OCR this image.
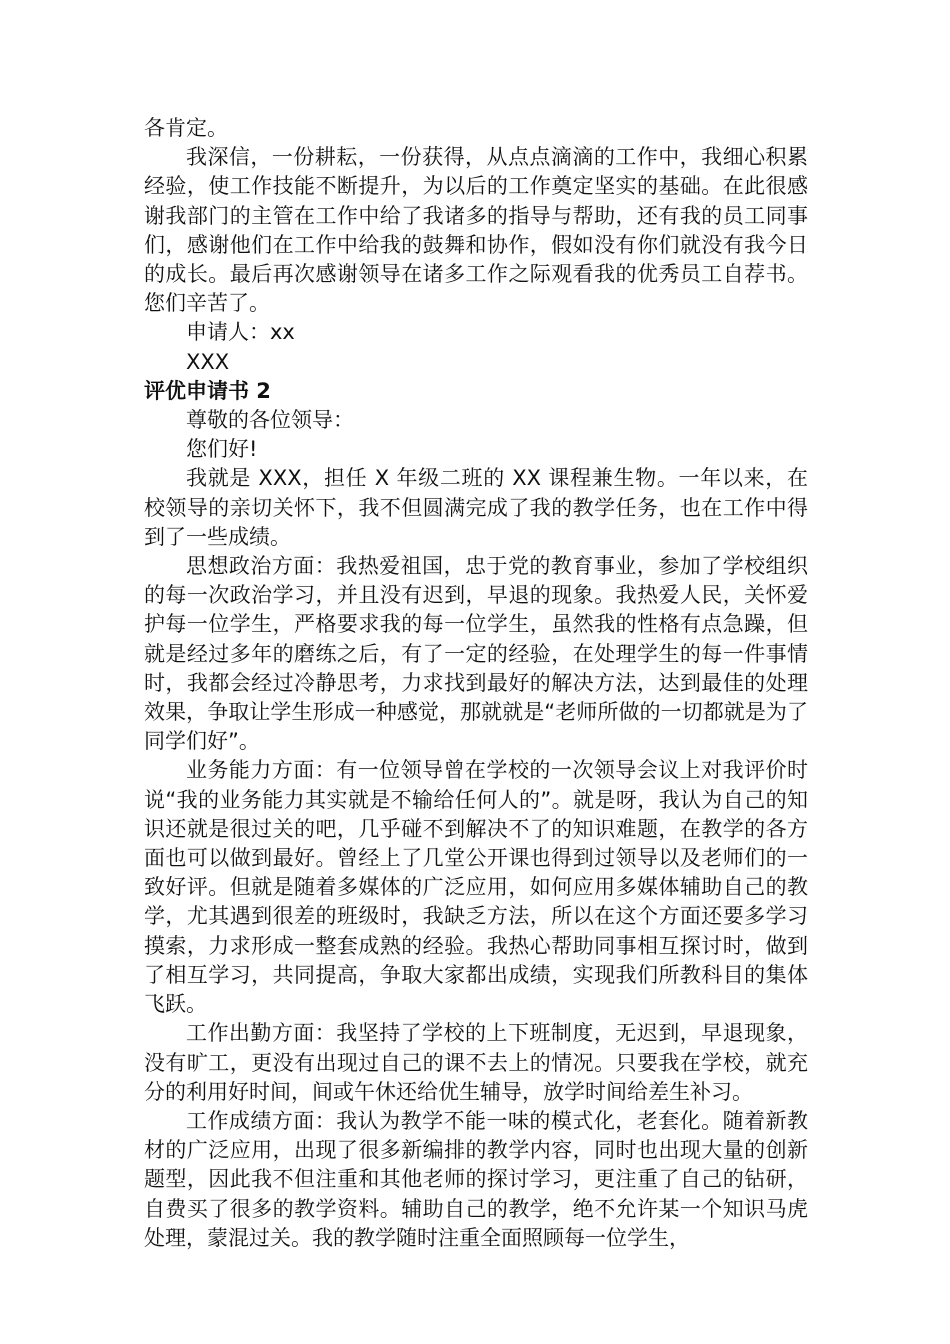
各肯定。

我深信，一份耕耘，一份获得，从点点滴滴的工作中，我细心积累经验，使工作技能不断提升，为以后的工作奠定坚实的基础。在此很感谢我部门的主管在工作中给了我诸多的指导与帮助，还有我的员工同事们，感谢他们在工作中给我的鼓舞和协作，假如没有你们就没有我今日的成长。最后再次感谢领导在诸多工作之际观看我的优秀员工自荐书。您们辛苦了。

申请人：xx

XXX

评优申请书 2

尊敬的各位领导：

您们好!

我就是 XXX，担任 X 年级二班的 XX 课程兼生物。一年以来，在校领导的亲切关怀下，我不但圆满完成了我的教学任务，也在工作中得到了一些成绩。

思想政治方面：我热爱祖国，忠于党的教育事业，参加了学校组织的每一次政治学习，并且没有迟到，早退的现象。我热爱人民，关怀爱护每一位学生，严格要求我的每一位学生，虽然我的性格有点急躁，但就是经过多年的磨练之后，有了一定的经验，在处理学生的每一件事情时，我都会经过冷静思考，力求找到最好的解决方法，达到最佳的处理效果，争取让学生形成一种感觉，那就就是“老师所做的一切都就是为了同学们好”。

业务能力方面：有一位领导曾在学校的一次领导会议上对我评价时说“我的业务能力其实就是不输给任何人的”。就是呀，我认为自己的知识还就是很过关的吧，几乎碰不到解决不了的知识难题，在教学的各方面也可以做到最好。曾经上了几堂公开课也得到过领导以及老师们的一致好评。但就是随着多媒体的广泛应用，如何应用多媒体辅助自己的教学，尤其遇到很差的班级时，我缺乏方法，所以在这个方面还要多学习摸索，力求形成一整套成熟的经验。我热心帮助同事相互探讨时，做到了相互学习，共同提高，争取大家都出成绩，实现我们所教科目的集体飞跃。

工作出勤方面：我坚持了学校的上下班制度，无迟到，早退现象，没有旷工，更没有出现过自己的课不去上的情况。只要我在学校，就充分的利用好时间，间或午休还给优生辅导，放学时间给差生补习。

工作成绩方面：我认为教学不能一味的模式化，老套化。随着新教材的广泛应用，出现了很多新编排的教学内容，同时也出现大量的创新题型，因此我不但注重和其他老师的探讨学习，更注重了自己的钻研，自费买了很多的教学资料。辅助自己的教学，绝不允许某一个知识马虎处理，蒙混过关。我的教学随时注重全面照顾每一位学生，
